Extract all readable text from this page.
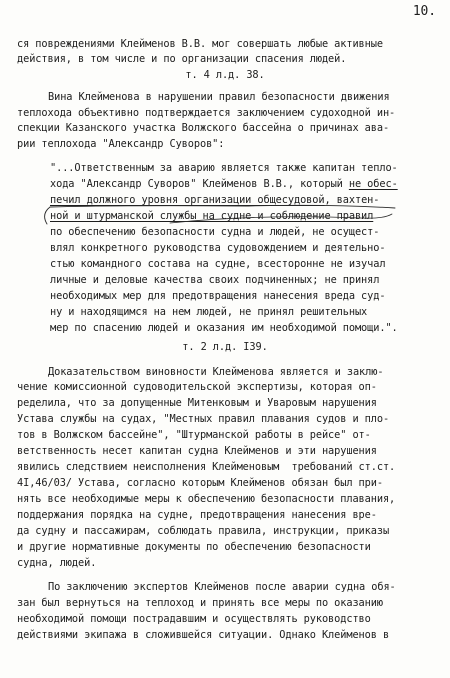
10.
ся повреждениями Клейменов В.В. мог совершать любые активные
действия, в том числе и по организации спасения людей.
т. 4 л.д. 38.
Вина Клейменова в нарушении правил безопасности движения
теплохода объективно подтверждается заключением судоходной ин-
спекции Казанского участка Волжского бассейна о причинах ава-
рии теплохода "Александр Суворов":
"...Ответственным за аварию является также капитан тепло-
хода "Александр Суворов" Клейменов В.В., который не обес-
печил должного уровня организации общесудовой, вахтен-
ной и штурманской службы на судне и соблюдение правил
по обеспечению безопасности судна и людей, не осущест-
влял конкретного руководства судовождением и деятельно-
стью командного состава на судне, всесторонне не изучал
личные и деловые качества своих подчиненных; не принял
необходимых мер для предотвращения нанесения вреда суд-
ну и находящимся на нем людей, не принял решительных
мер по спасению людей и оказания им необходимой помощи.".
т. 2 л.д. I39.
Доказательством виновности Клейменова является и заклю-
чение комиссионной судоводительской экспертизы, которая оп-
ределила, что за допущенные Митенковым и Уваровым нарушения
Устава службы на судах, "Местных правил плавания судов и пло-
тов в Волжском бассейне", "Штурманской работы в рейсе" от-
ветственность несет капитан судна Клейменов и эти нарушения
явились следствием неисполнения Клейменовым  требований ст.ст.
4I,46/03/ Устава, согласно которым Клейменов обязан был при-
нять все необходимые меры к обеспечению безопасности плавания,
поддержания порядка на судне, предотвращения нанесения вре-
да судну и пассажирам, соблюдать правила, инструкции, приказы
и другие нормативные документы по обеспечению безопасности
судна, людей.
По заключению экспертов Клейменов после аварии судна обя-
зан был вернуться на теплоход и принять все меры по оказанию
необходимой помощи пострадавшим и осуществлять руководство
действиями экипажа в сложившейся ситуации. Однако Клейменов в
